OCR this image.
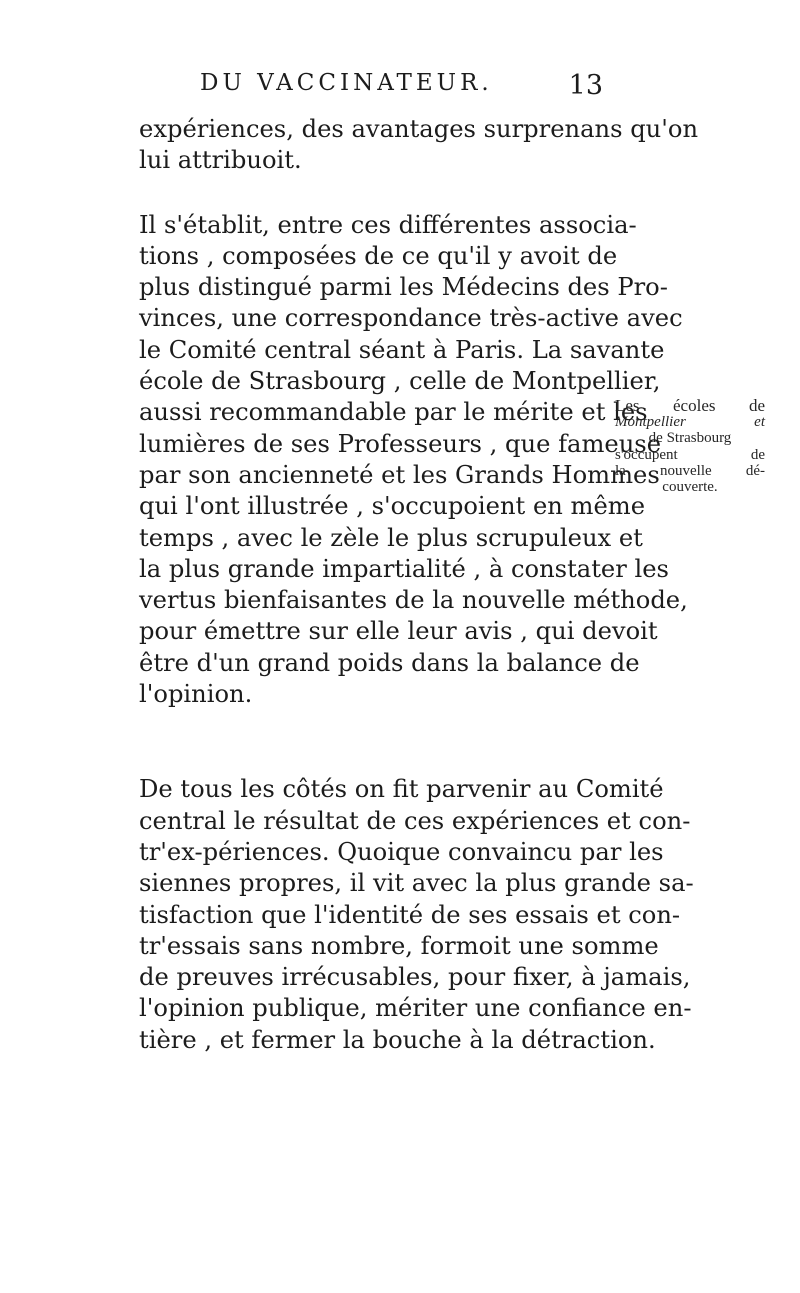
DU VACCINATEUR.	13
expériences, des avantages surprenans qu'on
lui attribuoit.
Il s'établit, entre ces différentes associa-
tions , composées de ce qu'il y avoit de
plus distingué parmi les Médecins des Pro-
vinces, une correspondance très-active avec
le Comité central séant à Paris. La savante
école de Strasbourg , celle de Montpellier,
aussi recommandable par le mérite et les
lumières de ses Professeurs , que fameuse
par son ancienneté et les Grands Hommes
qui l'ont illustrée , s'occupoient en même
temps , avec le zèle le plus scrupuleux et
la plus grande impartialité , à constater les
vertus bienfaisantes de la nouvelle méthode,
pour émettre sur elle leur avis , qui devoit
être d'un grand poids dans la balance de
l'opinion.
De tous les côtés on fit parvenir au Comité
central le résultat de ces expériences et con-
tr'ex-périences. Quoique convaincu par les
siennes propres, il vit avec la plus grande sa-
tisfaction que l'identité de ses essais et con-
tr'essais sans nombre, formoit une somme
de preuves irrécusables, pour fixer, à jamais,
l'opinion publique, mériter une confiance en-
tière , et fermer la bouche à la détraction.
Les écoles de
Montpellier et
de Strasbourg
s'occupent de
la nouvelle dé-
couverte.
